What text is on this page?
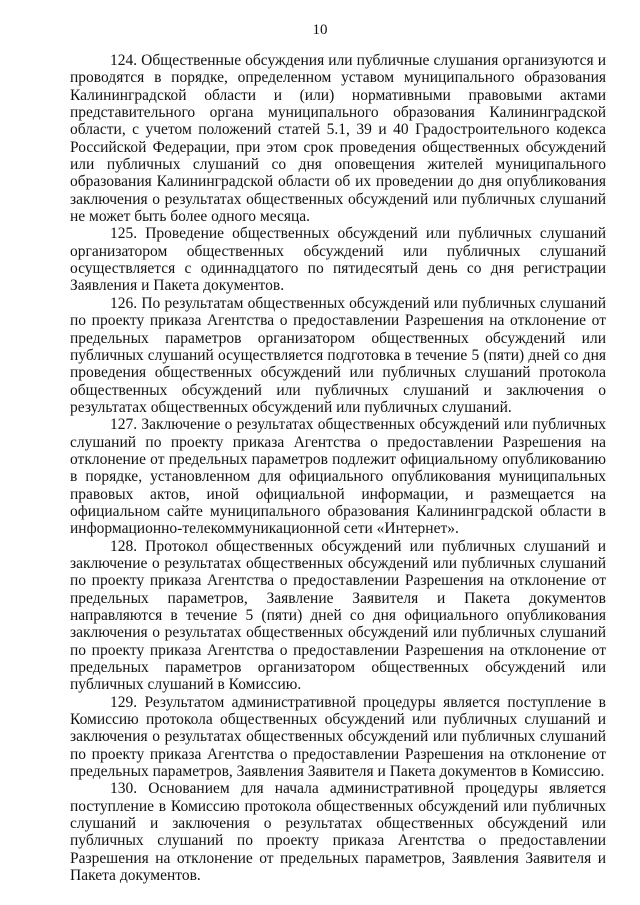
10

124. Общественные обсуждения или публичные слушания организуются и проводятся в порядке, определенном уставом муниципального образования Калининградской области и (или) нормативными правовыми актами представительного органа муниципального образования Калининградской области, с учетом положений статей 5.1, 39 и 40 Градостроительного кодекса Российской Федерации, при этом срок проведения общественных обсуждений или публичных слушаний со дня оповещения жителей муниципального образования Калининградской области об их проведении до дня опубликования заключения о результатах общественных обсуждений или публичных слушаний не может быть более одного месяца.

125. Проведение общественных обсуждений или публичных слушаний организатором общественных обсуждений или публичных слушаний осуществляется с одиннадцатого по пятидесятый день со дня регистрации Заявления и Пакета документов.

126. По результатам общественных обсуждений или публичных слушаний по проекту приказа Агентства о предоставлении Разрешения на отклонение от предельных параметров организатором общественных обсуждений или публичных слушаний осуществляется подготовка в течение 5 (пяти) дней со дня проведения общественных обсуждений или публичных слушаний протокола общественных обсуждений или публичных слушаний и заключения о результатах общественных обсуждений или публичных слушаний.

127. Заключение о результатах общественных обсуждений или публичных слушаний по проекту приказа Агентства о предоставлении Разрешения на отклонение от предельных параметров подлежит официальному опубликованию в порядке, установленном для официального опубликования муниципальных правовых актов, иной официальной информации, и размещается на официальном сайте муниципального образования Калининградской области в информационно-телекоммуникационной сети «Интернет».

128. Протокол общественных обсуждений или публичных слушаний и заключение о результатах общественных обсуждений или публичных слушаний по проекту приказа Агентства о предоставлении Разрешения на отклонение от предельных параметров, Заявление Заявителя и Пакета документов направляются в течение 5 (пяти) дней со дня официального опубликования заключения о результатах общественных обсуждений или публичных слушаний по проекту приказа Агентства о предоставлении Разрешения на отклонение от предельных параметров организатором общественных обсуждений или публичных слушаний в Комиссию.

129. Результатом административной процедуры является поступление в Комиссию протокола общественных обсуждений или публичных слушаний и заключения о результатах общественных обсуждений или публичных слушаний по проекту приказа Агентства о предоставлении Разрешения на отклонение от предельных параметров, Заявления Заявителя и Пакета документов в Комиссию.

130. Основанием для начала административной процедуры является поступление в Комиссию протокола общественных обсуждений или публичных слушаний и заключения о результатах общественных обсуждений или публичных слушаний по проекту приказа Агентства о предоставлении Разрешения на отклонение от предельных параметров, Заявления Заявителя и Пакета документов.
